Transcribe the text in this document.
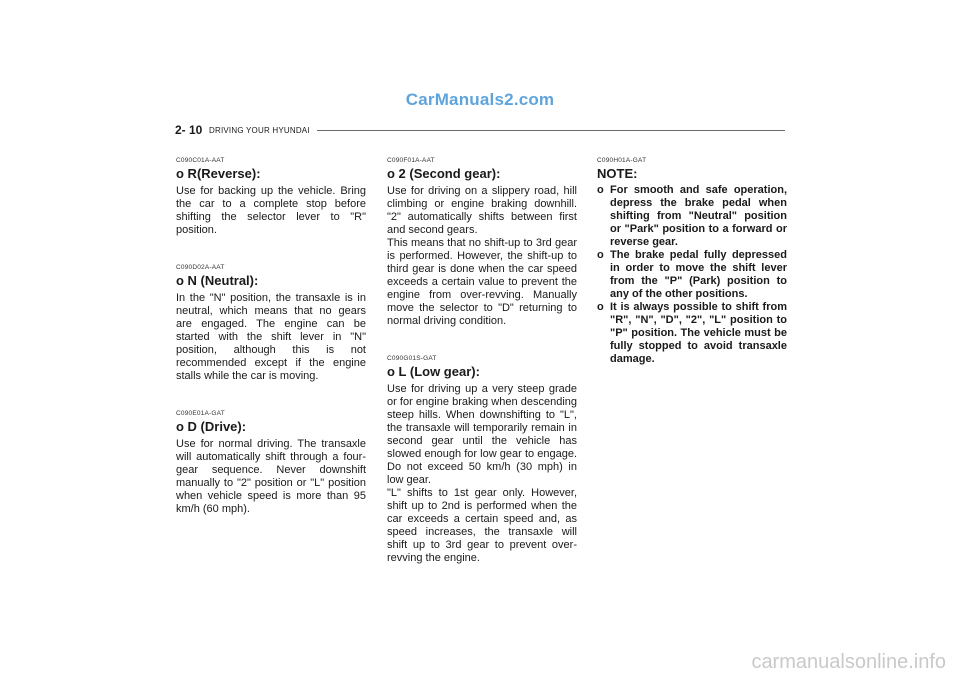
CarManuals2.com
2- 10 DRIVING YOUR HYUNDAI
C090C01A-AAT
o R(Reverse):

Use for backing up the vehicle. Bring the car to a complete stop before shifting the selector lever to "R" position.

C090D02A-AAT
o N (Neutral):

In the "N" position, the transaxle is in neutral, which means that no gears are engaged. The engine can be started with the shift lever in "N" position, although this is not recommended except if the engine stalls while the car is moving.

C090E01A-GAT
o D (Drive):

Use for normal driving. The transaxle will automatically shift through a four-gear sequence. Never downshift manually to "2" position or "L" position when vehicle speed is more than 95 km/h (60 mph).

C090F01A-AAT
o 2 (Second gear):

Use for driving on a slippery road, hill climbing or engine braking downhill. "2" automatically shifts between first and second gears.

This means that no shift-up to 3rd gear is performed. However, the shift-up to third gear is done when the car speed exceeds a certain value to prevent the engine from over-revving. Manually move the selector to "D" returning to normal driving condition.

C090G01S-GAT
o L (Low gear):

Use for driving up a very steep grade or for engine braking when descending steep hills. When downshifting to "L", the transaxle will temporarily remain in second gear until the vehicle has slowed enough for low gear to engage. Do not exceed 50 km/h (30 mph) in low gear.

"L" shifts to 1st gear only. However, shift up to 2nd is performed when the car exceeds a certain speed and, as speed increases, the transaxle will shift up to 3rd gear to prevent over-revving the engine.

C090H01A-GAT
NOTE:
o For smooth and safe operation, depress the brake pedal when shifting from "Neutral" position or "Park" position to a forward or reverse gear.
o The brake pedal fully depressed in order to move the shift lever from the "P" (Park) position to any of the other positions.
o It is always possible to shift from "R", "N", "D", "2", "L" position to "P" position. The vehicle must be fully stopped to avoid transaxle damage.
carmanualsonline.info
